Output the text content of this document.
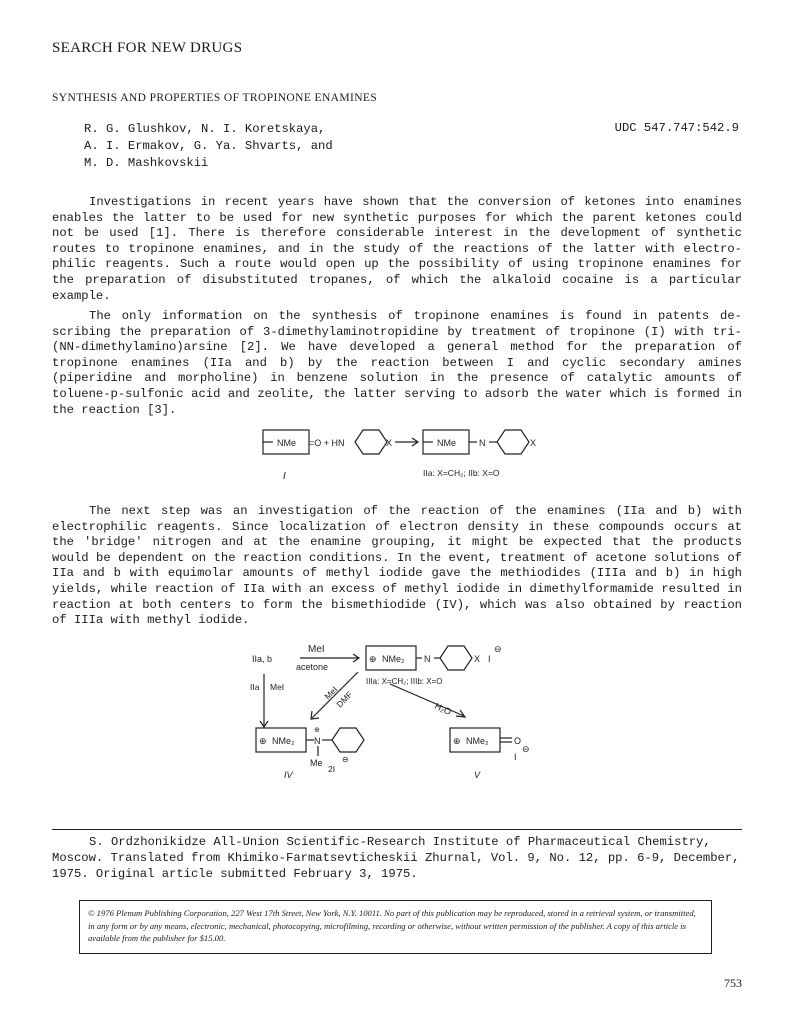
SEARCH FOR NEW DRUGS
SYNTHESIS AND PROPERTIES OF TROPINONE ENAMINES
R. G. Glushkov, N. I. Koretskaya,
A. I. Ermakov, G. Ya. Shvarts, and
M. D. Mashkovskii
UDC 547.747:542.9

Investigations in recent years have shown that the conversion of ketones into enamines enables the latter to be used for new synthetic purposes for which the parent ketones could not be used [1]. There is therefore considerable interest in the development of synthetic routes to tropinone enamines, and in the study of the reactions of the latter with electro-philic reagents. Such a route would open up the possibility of using tropinone enamines for the preparation of disubstituted tropanes, of which the alkaloid cocaine is a particular example.

The only information on the synthesis of tropinone enamines is found in patents de-scribing the preparation of 3-dimethylaminotropidine by treatment of tropinone (I) with tri-(NN-dimethylamino)arsine [2]. We have developed a general method for the preparation of tropinone enamines (IIa and b) by the reaction between I and cyclic secondary amines (piperidine and morpholine) in benzene solution in the presence of catalytic amounts of toluene-p-sulfonic acid and zeolite, the latter serving to adsorb the water which is formed in the reaction [3].

NMe =O + HN	X	NMe	N	X
I	IIa: X=CH₂; IIb: X=O

The next step was an investigation of the reaction of the enamines (IIa and b) with electrophilic reagents. Since localization of electron density in these compounds occurs at the 'bridge' nitrogen and at the enamine grouping, it might be expected that the products would be dependent on the reaction conditions. In the event, treatment of acetone solutions of IIa and b with equimolar amounts of methyl iodide gave the methiodides (IIIa and b) in high yields, while reaction of IIa with an excess of methyl iodide in dimethylformamide resulted in reaction at both centers to form the bismethiodide (IV), which was also obtained by reaction of IIIa with methyl iodide.

MeI
IIa, b
acetone
⊕ NMe₂ N	X I
⊖
IIIa: X=CH₂; IIIb: X=O
IIa MeI	MeI
DMF	H₂O
⊕ NMe₂ N
⊕
Me
2I
⊖
IV
⊕ NMe₂	O
I
⊖
V

S. Ordzhonikidze All-Union Scientific-Research Institute of Pharmaceutical Chemistry, Moscow. Translated from Khimiko-Farmatsevticheskii Zhurnal, Vol. 9, No. 12, pp. 6-9, December, 1975. Original article submitted February 3, 1975.

© 1976 Plenum Publishing Corporation, 227 West 17th Street, New York, N.Y. 10011. No part of this publication may be reproduced, stored in a retrieval system, or transmitted, in any form or by any means, electronic, mechanical, photocopying, microfilming, recording or otherwise, without written permission of the publisher. A copy of this article is available from the publisher for $15.00.
753
